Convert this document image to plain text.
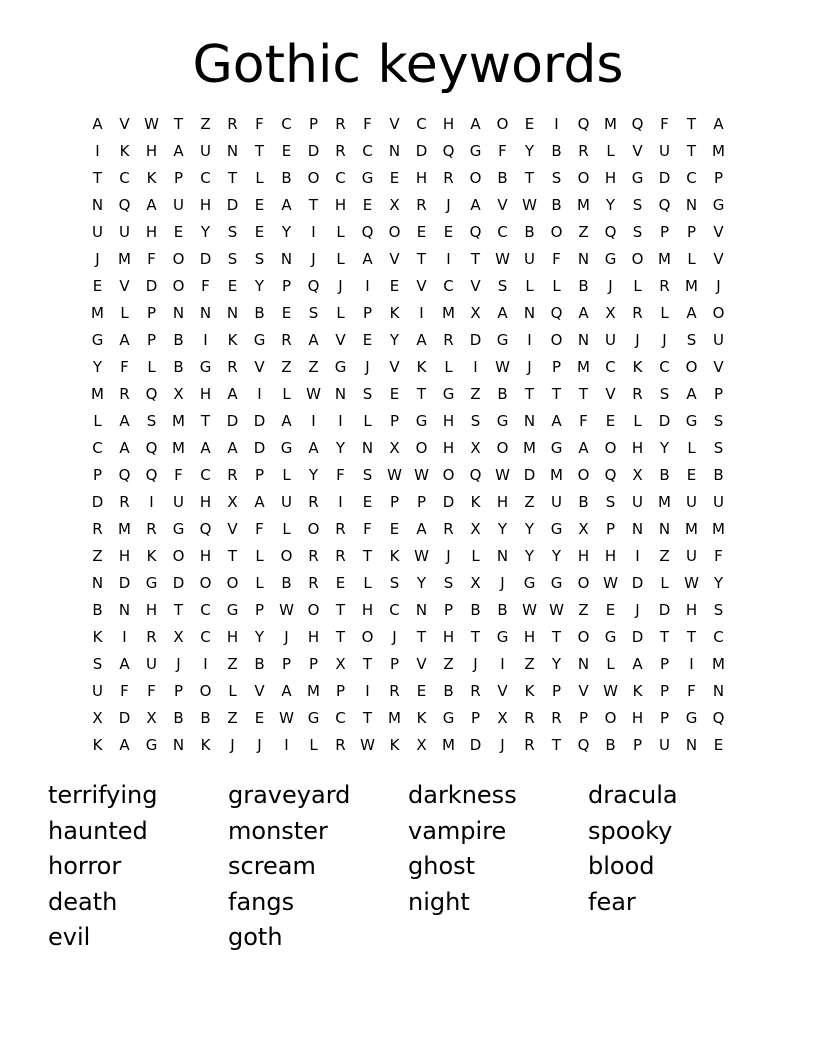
Gothic keywords
A V W T Z R F C P R F V C H A O E I Q M Q F T A
I K H A U N T E D R C N D Q G F Y B R L V U T M
T C K P C T L B O C G E H R O B T S O H G D C P
N Q A U H D E A T H E X R J A V W B M Y S Q N G
U U H E Y S E Y I L Q O E E Q C B O Z Q S P P V
J M F O D S S N J L A V T I T W U F N G O M L V
E V D O F E Y P Q J I E V C V S L L B J L R M J
M L P N N N B E S L P K I M X A N Q A X R L A O
G A P B I K G R A V E Y A R D G I O N U J J S U
Y F L B G R V Z Z G J V K L I W J P M C K C O V
M R Q X H A I L W N S E T G Z B T T T V R S A P
L A S M T D D A I I L P G H S G N A F E L D G S
C A Q M A A D G A Y N X O H X O M G A O H Y L S
P Q Q F C R P L Y F S W W O Q W D M O Q X B E B
D R I U H X A U R I E P P D K H Z U B S U M U U
R M R G Q V F L O R F E A R X Y Y G X P N N M M
Z H K O H T L O R R T K W J L N Y Y H H I Z U F
N D G D O O L B R E L S Y S X J G G O W D L W Y
B N H T C G P W O T H C N P B B W W Z E J D H S
K I R X C H Y J H T O J T H T G H T O G D T T C
S A U J I Z B P P X T P V Z J I Z Y N L A P I M
U F F P O L V A M P I R E B R V K P V W K P F N
X D X B B Z E W G C T M K G P X R R P O H P G Q
K A G N K J J I L R W K X M D J R T Q B P U N E
terrifying	graveyard	darkness	dracula
haunted	monster	vampire	spooky
horror	scream	ghost	blood
death	fangs	night	fear
evil	goth
